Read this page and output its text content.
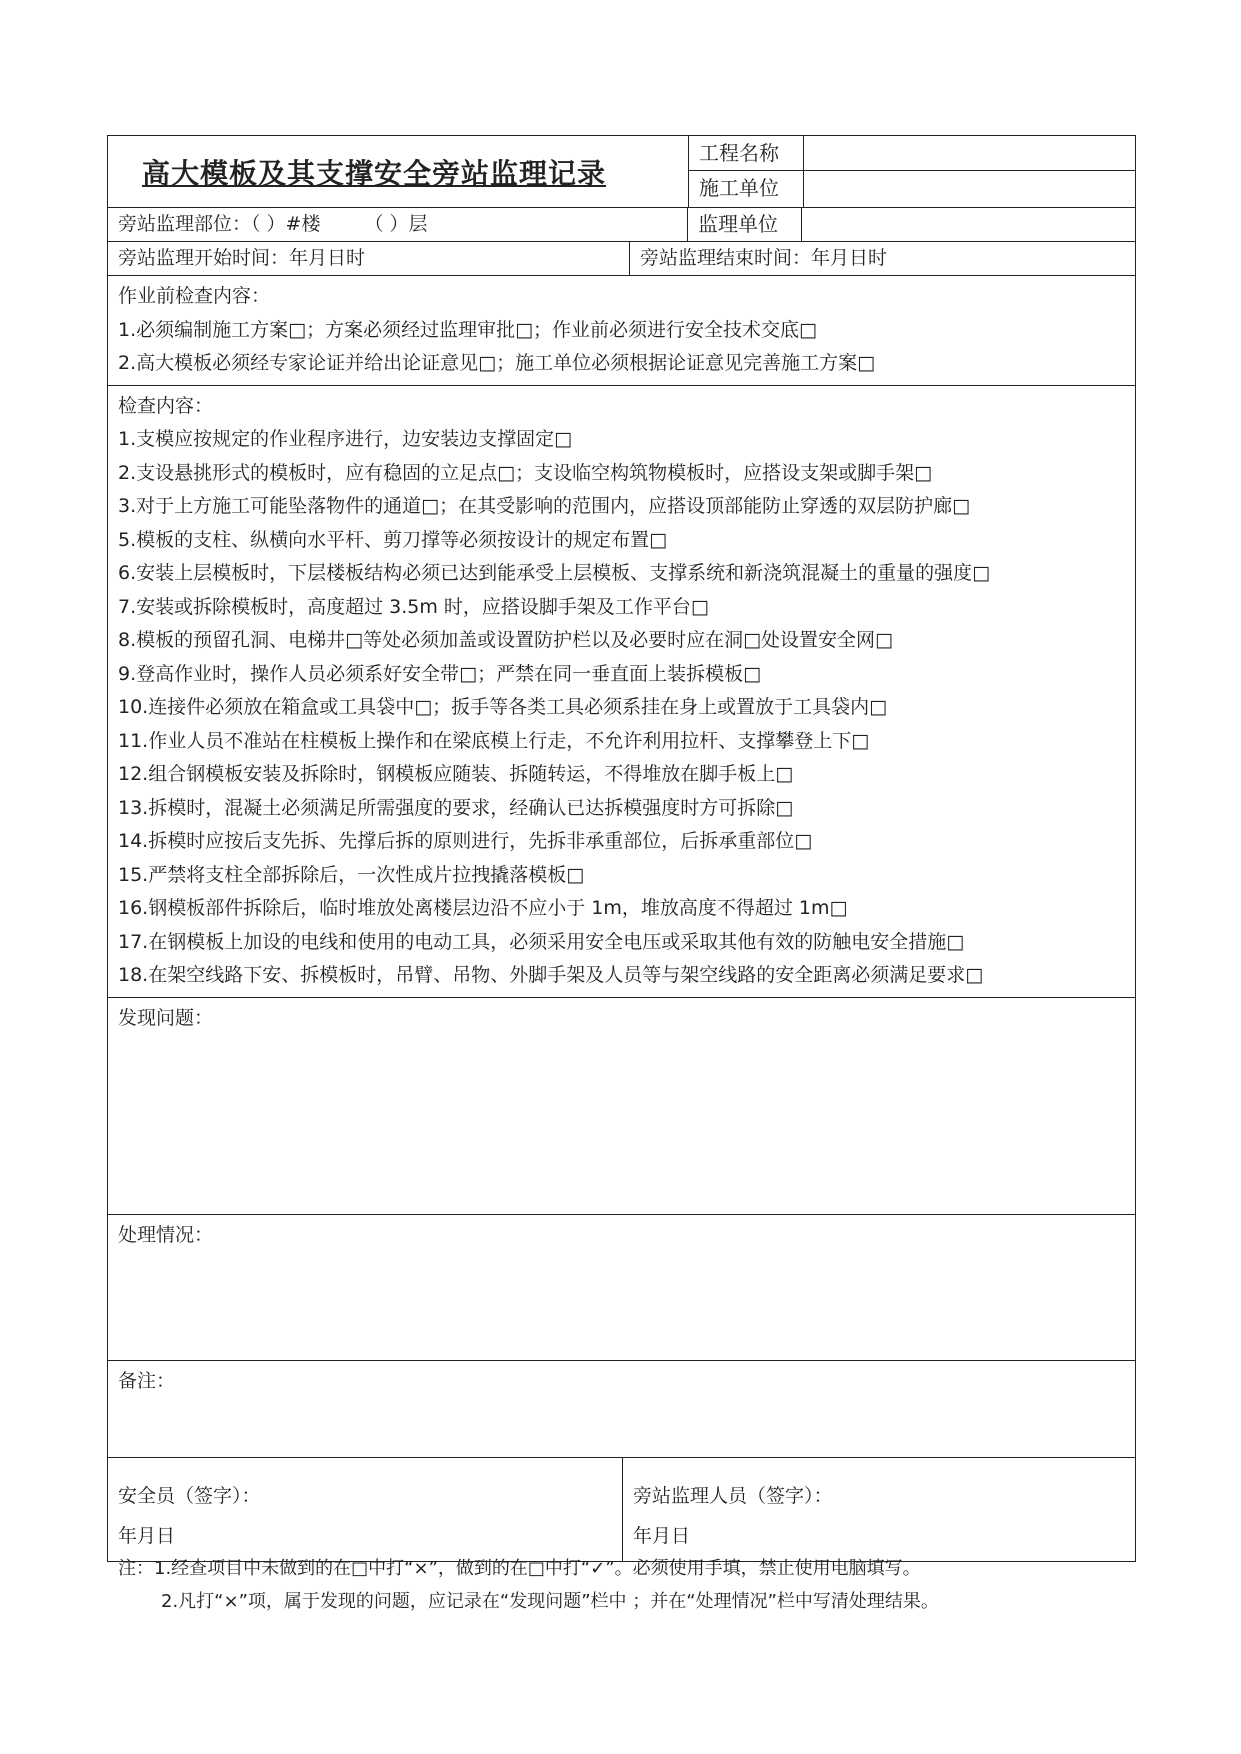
高大模板及其支撑安全旁站监理记录
工程名称
施工单位
旁站监理部位：（ ）#楼　　 （ ）层	监理单位
旁站监理开始时间：年月日时	旁站监理结束时间：年月日时
作业前检查内容：
1.必须编制施工方案□；方案必须经过监理审批□；作业前必须进行安全技术交底□
2.高大模板必须经专家论证并给出论证意见□；施工单位必须根据论证意见完善施工方案□
检查内容：
1.支模应按规定的作业程序进行，边安装边支撑固定□
2.支设悬挑形式的模板时，应有稳固的立足点□；支设临空构筑物模板时，应搭设支架或脚手架□
3.对于上方施工可能坠落物件的通道□；在其受影响的范围内，应搭设顶部能防止穿透的双层防护廊□
5.模板的支柱、纵横向水平杆、剪刀撑等必须按设计的规定布置□
6.安装上层模板时，下层楼板结构必须已达到能承受上层模板、支撑系统和新浇筑混凝土的重量的强度□
7.安装或拆除模板时，高度超过 3.5m 时，应搭设脚手架及工作平台□
8.模板的预留孔洞、电梯井□等处必须加盖或设置防护栏以及必要时应在洞□处设置安全网□
9.登高作业时，操作人员必须系好安全带□；严禁在同一垂直面上装拆模板□
10.连接件必须放在箱盒或工具袋中□；扳手等各类工具必须系挂在身上或置放于工具袋内□
11.作业人员不准站在柱模板上操作和在梁底模上行走，不允许利用拉杆、支撑攀登上下□
12.组合钢模板安装及拆除时，钢模板应随装、拆随转运，不得堆放在脚手板上□
13.拆模时，混凝土必须满足所需强度的要求，经确认已达拆模强度时方可拆除□
14.拆模时应按后支先拆、先撑后拆的原则进行，先拆非承重部位，后拆承重部位□
15.严禁将支柱全部拆除后，一次性成片拉拽撬落模板□
16.钢模板部件拆除后，临时堆放处离楼层边沿不应小于 1m，堆放高度不得超过 1m□
17.在钢模板上加设的电线和使用的电动工具，必须采用安全电压或采取其他有效的防触电安全措施□
18.在架空线路下安、拆模板时，吊臂、吊物、外脚手架及人员等与架空线路的安全距离必须满足要求□
发现问题：
处理情况：
备注：
安全员（签字）：
年月日
旁站监理人员（签字）：
年月日
注：1.经查项目中未做到的在□中打“×”，做到的在□中打“✓”。必须使用手填，禁止使用电脑填写。
2.凡打“×”项，属于发现的问题，应记录在“发现问题”栏中 ；并在“处理情况”栏中写清处理结果。
